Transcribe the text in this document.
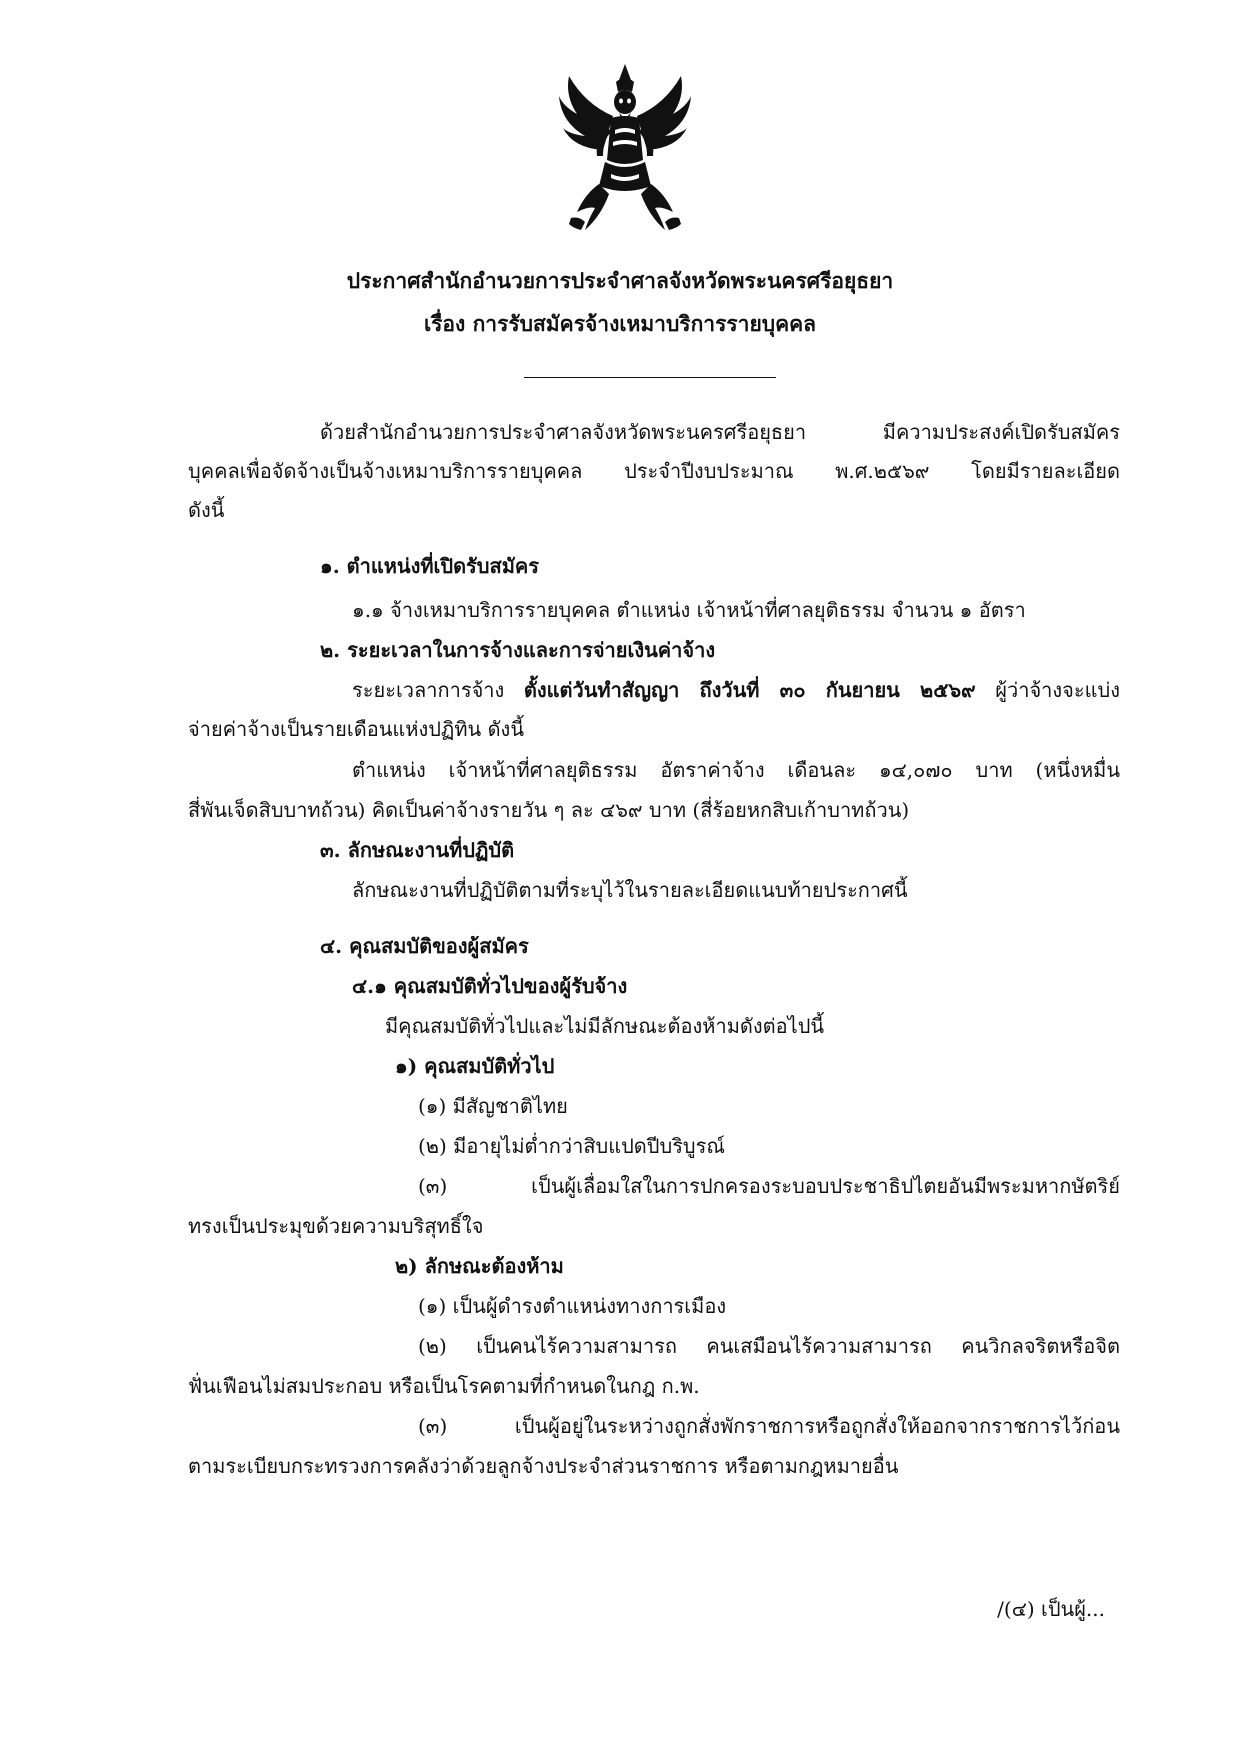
ประกาศสำนักอำนวยการประจำศาลจังหวัดพระนครศรีอยุธยา
เรื่อง การรับสมัครจ้างเหมาบริการรายบุคคล
ด้วยสำนักอำนวยการประจำศาลจังหวัดพระนครศรีอยุธยา มีความประสงค์เปิดรับสมัคร
บุคคลเพื่อจัดจ้างเป็นจ้างเหมาบริการรายบุคคล ประจำปีงบประมาณ พ.ศ.๒๕๖๙ โดยมีรายละเอียด
ดังนี้
๑. ตำแหน่งที่เปิดรับสมัคร
๑.๑ จ้างเหมาบริการรายบุคคล ตำแหน่ง เจ้าหน้าที่ศาลยุติธรรม จำนวน ๑ อัตรา
๒. ระยะเวลาในการจ้างและการจ่ายเงินค่าจ้าง
ระยะเวลาการจ้าง ตั้งแต่วันทำสัญญา ถึงวันที่ ๓๐ กันยายน ๒๕๖๙ ผู้ว่าจ้างจะแบ่ง
จ่ายค่าจ้างเป็นรายเดือนแห่งปฏิทิน ดังนี้
ตำแหน่ง เจ้าหน้าที่ศาลยุติธรรม อัตราค่าจ้าง เดือนละ ๑๔,๐๗๐ บาท (หนึ่งหมื่น
สี่พันเจ็ดสิบบาทถ้วน) คิดเป็นค่าจ้างรายวัน ๆ ละ ๔๖๙ บาท (สี่ร้อยหกสิบเก้าบาทถ้วน)
๓. ลักษณะงานที่ปฏิบัติ
ลักษณะงานที่ปฏิบัติตามที่ระบุไว้ในรายละเอียดแนบท้ายประกาศนี้
๔. คุณสมบัติของผู้สมัคร
๔.๑ คุณสมบัติทั่วไปของผู้รับจ้าง
มีคุณสมบัติทั่วไปและไม่มีลักษณะต้องห้ามดังต่อไปนี้
๑) คุณสมบัติทั่วไป
(๑) มีสัญชาติไทย
(๒) มีอายุไม่ต่ำกว่าสิบแปดปีบริบูรณ์
(๓) เป็นผู้เลื่อมใสในการปกครองระบอบประชาธิปไตยอันมีพระมหากษัตริย์
ทรงเป็นประมุขด้วยความบริสุทธิ์ใจ
๒) ลักษณะต้องห้าม
(๑) เป็นผู้ดำรงตำแหน่งทางการเมือง
(๒) เป็นคนไร้ความสามารถ คนเสมือนไร้ความสามารถ คนวิกลจริตหรือจิต
ฟั่นเฟือนไม่สมประกอบ หรือเป็นโรคตามที่กำหนดในกฎ ก.พ.
(๓) เป็นผู้อยู่ในระหว่างถูกสั่งพักราชการหรือถูกสั่งให้ออกจากราชการไว้ก่อน
ตามระเบียบกระทรวงการคลังว่าด้วยลูกจ้างประจำส่วนราชการ หรือตามกฎหมายอื่น
/(๔) เป็นผู้...
